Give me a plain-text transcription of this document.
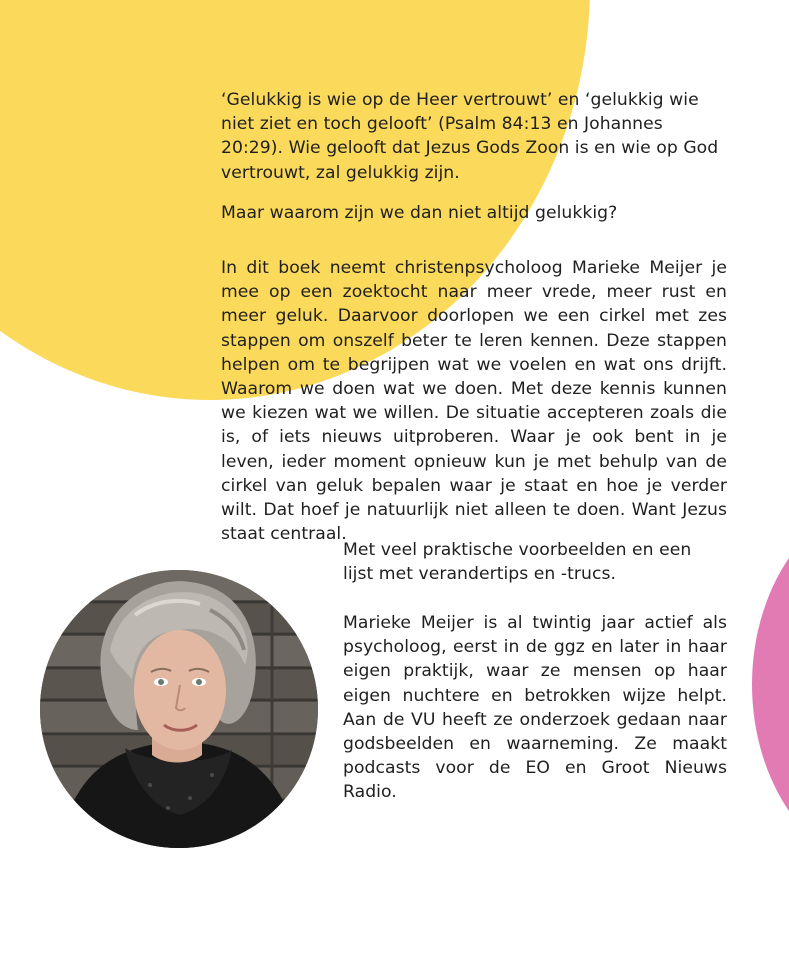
‘Gelukkig is wie op de Heer vertrouwt’ en ‘gelukkig wie niet ziet en toch gelooft’ (Psalm 84:13 en Johannes 20:29). Wie gelooft dat Jezus Gods Zoon is en wie op God vertrouwt, zal gelukkig zijn.

Maar waarom zijn we dan niet altijd gelukkig?

In dit boek neemt christenpsycholoog Marieke Meijer je mee op een zoektocht naar meer vrede, meer rust en meer geluk. Daarvoor doorlopen we een cirkel met zes stappen om onszelf beter te leren kennen. Deze stappen helpen om te begrijpen wat we voelen en wat ons drijft. Waarom we doen wat we doen. Met deze kennis kunnen we kiezen wat we willen. De situatie accepteren zoals die is, of iets nieuws uitproberen. Waar je ook bent in je leven, ieder moment opnieuw kun je met behulp van de cirkel van geluk bepalen waar je staat en hoe je verder wilt. Dat hoef je natuurlijk niet alleen te doen. Want Jezus staat centraal.

Met veel praktische voorbeelden en een lijst met verandertips en -trucs.

Marieke Meijer is al twintig jaar actief als psycholoog, eerst in de ggz en later in haar eigen praktijk, waar ze mensen op haar eigen nuchtere en betrokken wijze helpt. Aan de VU heeft ze onderzoek gedaan naar godsbeelden en waarneming. Ze maakt podcasts voor de EO en Groot Nieuws Radio.
